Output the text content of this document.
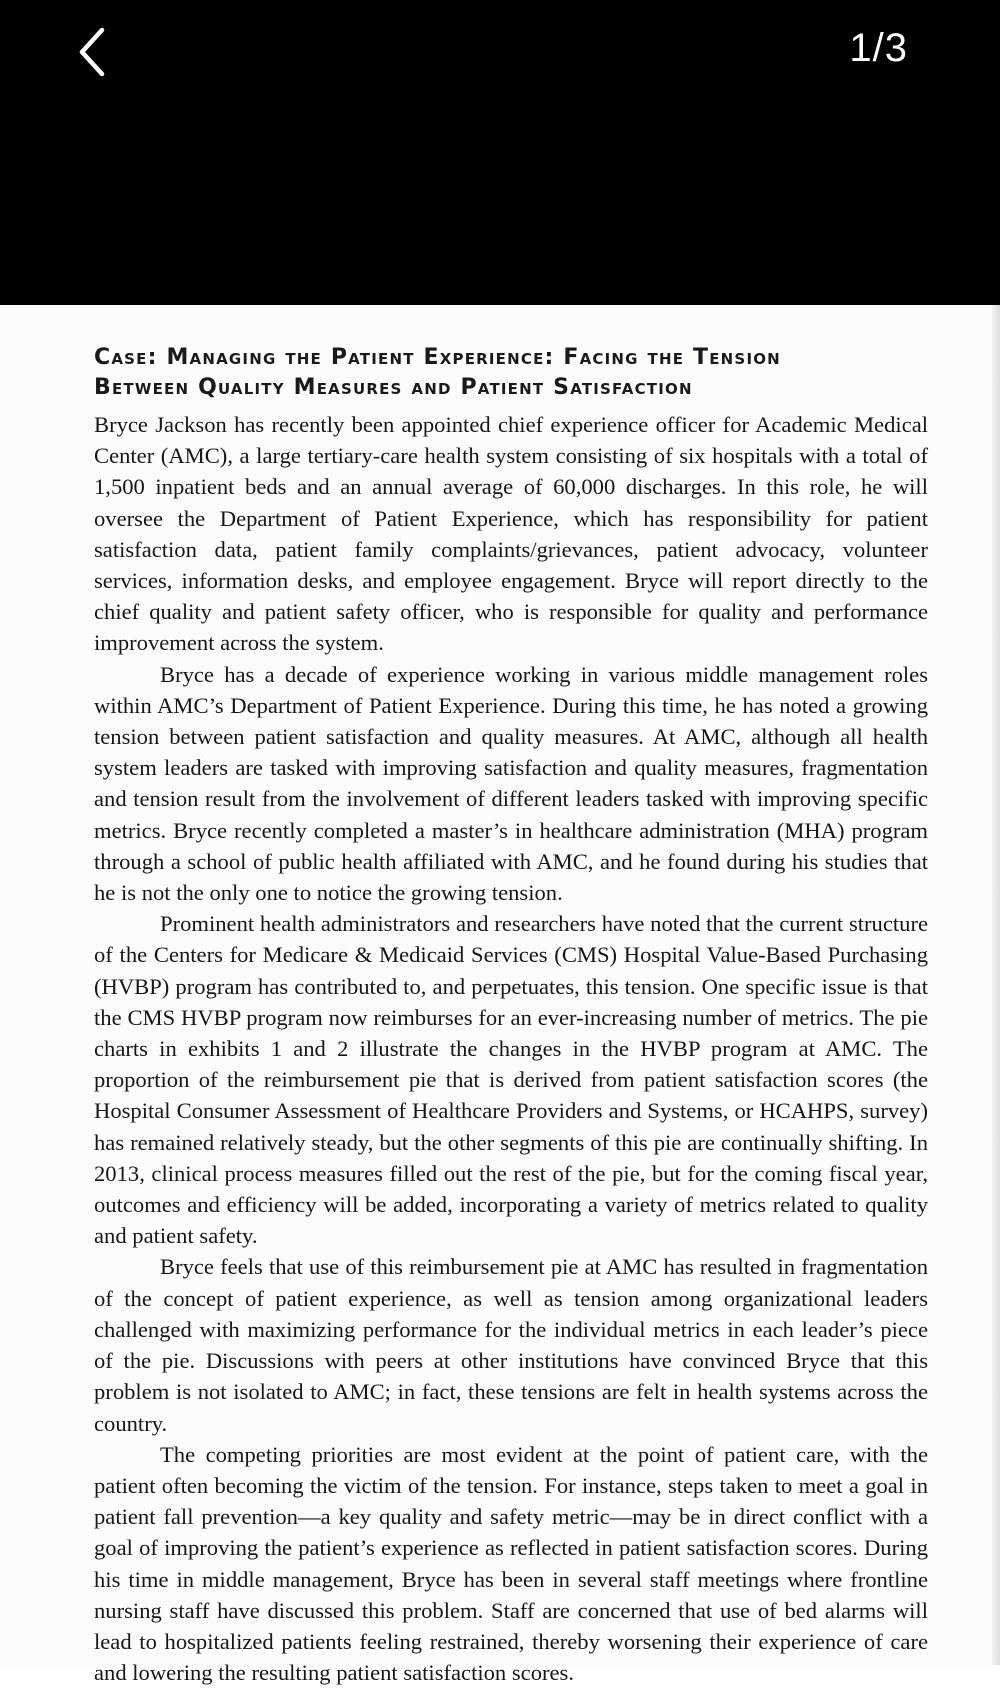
1/3
Case: Managing the Patient Experience: Facing the Tension
Between Quality Measures and Patient Satisfaction

Bryce Jackson has recently been appointed chief experience officer for Academic Medical Center (AMC), a large tertiary-care health system consisting of six hospitals with a total of 1,500 inpatient beds and an annual average of 60,000 discharges. In this role, he will oversee the Department of Patient Experience, which has responsibility for patient satisfaction data, patient family complaints/grievances, patient advocacy, volunteer services, information desks, and employee engagement. Bryce will report directly to the chief quality and patient safety officer, who is responsible for quality and performance improvement across the system.

Bryce has a decade of experience working in various middle management roles within AMC’s Department of Patient Experience. During this time, he has noted a growing tension between patient satisfaction and quality measures. At AMC, although all health system leaders are tasked with improving satisfaction and quality measures, fragmentation and tension result from the involvement of different leaders tasked with improving specific metrics. Bryce recently completed a master’s in healthcare administration (MHA) program through a school of public health affiliated with AMC, and he found during his studies that he is not the only one to notice the growing tension.

Prominent health administrators and researchers have noted that the current structure of the Centers for Medicare & Medicaid Services (CMS) Hospital Value-Based Purchasing (HVBP) program has contributed to, and perpetuates, this tension. One specific issue is that the CMS HVBP program now reimburses for an ever-increasing number of metrics. The pie charts in exhibits 1 and 2 illustrate the changes in the HVBP program at AMC. The proportion of the reimbursement pie that is derived from patient satisfaction scores (the Hospital Consumer Assessment of Healthcare Providers and Systems, or HCAHPS, survey) has remained relatively steady, but the other segments of this pie are continually shifting. In 2013, clinical process measures filled out the rest of the pie, but for the coming fiscal year, outcomes and efficiency will be added, incorporating a variety of metrics related to quality and patient safety.

Bryce feels that use of this reimbursement pie at AMC has resulted in fragmentation of the concept of patient experience, as well as tension among organizational leaders challenged with maximizing performance for the individual metrics in each leader’s piece of the pie. Discussions with peers at other institutions have convinced Bryce that this problem is not isolated to AMC; in fact, these tensions are felt in health systems across the country.

The competing priorities are most evident at the point of patient care, with the patient often becoming the victim of the tension. For instance, steps taken to meet a goal in patient fall prevention—a key quality and safety metric—may be in direct conflict with a goal of improving the patient’s experience as reflected in patient satisfaction scores. During his time in middle management, Bryce has been in several staff meetings where frontline nursing staff have discussed this problem. Staff are concerned that use of bed alarms will lead to hospitalized patients feeling restrained, thereby worsening their experience of care and lowering the resulting patient satisfaction scores.
